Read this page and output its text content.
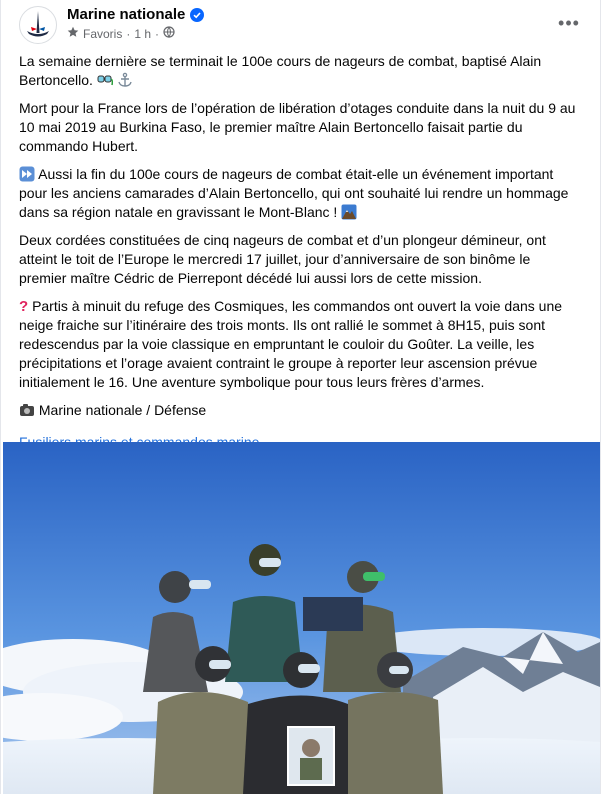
Marine nationale
Favoris · 1 h ·
•••

La semaine dernière se terminait le 100e cours de nageurs de combat, baptisé Alain Bertoncello.

Mort pour la France lors de l’opération de libération d’otages conduite dans la nuit du 9 au 10 mai 2019 au Burkina Faso, le premier maître Alain Bertoncello faisait partie du commando Hubert.

Aussi la fin du 100e cours de nageurs de combat était-elle un événement important pour les anciens camarades d’Alain Bertoncello, qui ont souhaité lui rendre un hommage dans sa région natale en gravissant le Mont-Blanc !

Deux cordées constituées de cinq nageurs de combat et d’un plongeur démineur, ont atteint le toit de l’Europe le mercredi 17 juillet, jour d’anniversaire de son binôme le premier maître Cédric de Pierrepont décédé lui aussi lors de cette mission.

? Partis à minuit du refuge des Cosmiques, les commandos ont ouvert la voie dans une neige fraiche sur l’itinéraire des trois monts. Ils ont rallié le sommet à 8H15, puis sont redescendus par la voie classique en empruntant le couloir du Goûter. La veille, les précipitations et l’orage avaient contraint le groupe à reporter leur ascension prévue initialement le 16. Une aventure symbolique pour tous leurs frères d’armes.

Marine nationale / Défense
